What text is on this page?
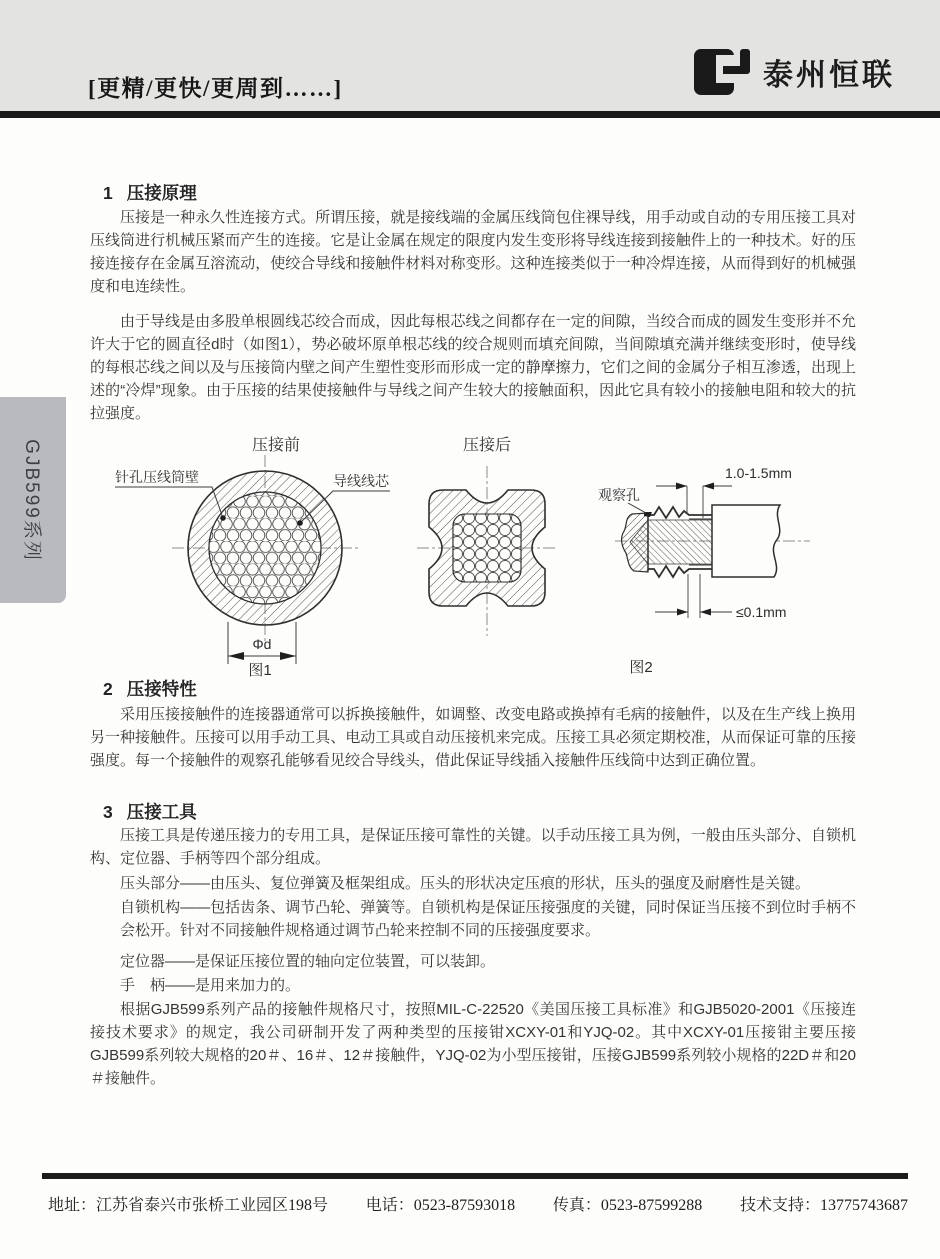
[更精/更快/更周到……]	泰州恒联
GJB599系列
1 压接原理

压接是一种永久性连接方式。所谓压接，就是接线端的金属压线筒包住裸导线，用手动或自动的专用压接工具对压线筒进行机械压紧而产生的连接。它是让金属在规定的限度内发生变形将导线连接到接触件上的一种技术。好的压接连接存在金属互溶流动，使绞合导线和接触件材料对称变形。这种连接类似于一种冷焊连接，从而得到好的机械强度和电连续性。

由于导线是由多股单根圆线芯绞合而成，因此每根芯线之间都存在一定的间隙，当绞合而成的圆发生变形并不允许大于它的圆直径d时（如图1），势必破坏原单根芯线的绞合规则而填充间隙，当间隙填充满并继续变形时，使导线的每根芯线之间以及与压接筒内壁之间产生塑性变形而形成一定的静摩擦力，它们之间的金属分子相互渗透，出现上述的“冷焊”现象。由于压接的结果使接触件与导线之间产生较大的接触面积，因此它具有较小的接触电阻和较大的抗拉强度。

压接前
针孔压线筒壁	导线线芯
Φd
图1
压接后
观察孔
1.0-1.5mm
≤0.1mm
图2
2 压接特性

采用压接接触件的连接器通常可以拆换接触件，如调整、改变电路或换掉有毛病的接触件，以及在生产线上换用另一种接触件。压接可以用手动工具、电动工具或自动压接机来完成。压接工具必须定期校准，从而保证可靠的压接强度。每一个接触件的观察孔能够看见绞合导线头，借此保证导线插入接触件压线筒中达到正确位置。

3 压接工具

压接工具是传递压接力的专用工具，是保证压接可靠性的关键。以手动压接工具为例，一般由压头部分、自锁机构、定位器、手柄等四个部分组成。

压头部分——由压头、复位弹簧及框架组成。压头的形状决定压痕的形状，压头的强度及耐磨性是关键。

自锁机构——包括齿条、调节凸轮、弹簧等。自锁机构是保证压接强度的关键，同时保证当压接不到位时手柄不会松开。针对不同接触件规格通过调节凸轮来控制不同的压接强度要求。

定位器——是保证压接位置的轴向定位装置，可以装卸。

手　柄——是用来加力的。

根据GJB599系列产品的接触件规格尺寸，按照MIL-C-22520《美国压接工具标准》和GJB5020-2001《压接连接技术要求》的规定，我公司研制开发了两种类型的压接钳XCXY-01和YJQ-02。其中XCXY-01压接钳主要压接GJB599系列较大规格的20＃、16＃、12＃接触件，YJQ-02为小型压接钳，压接GJB599系列较小规格的22D＃和20＃接触件。

地址：江苏省泰兴市张桥工业园区198号 电话：0523-87593018 传真：0523-87599288 技术支持：13775743687
